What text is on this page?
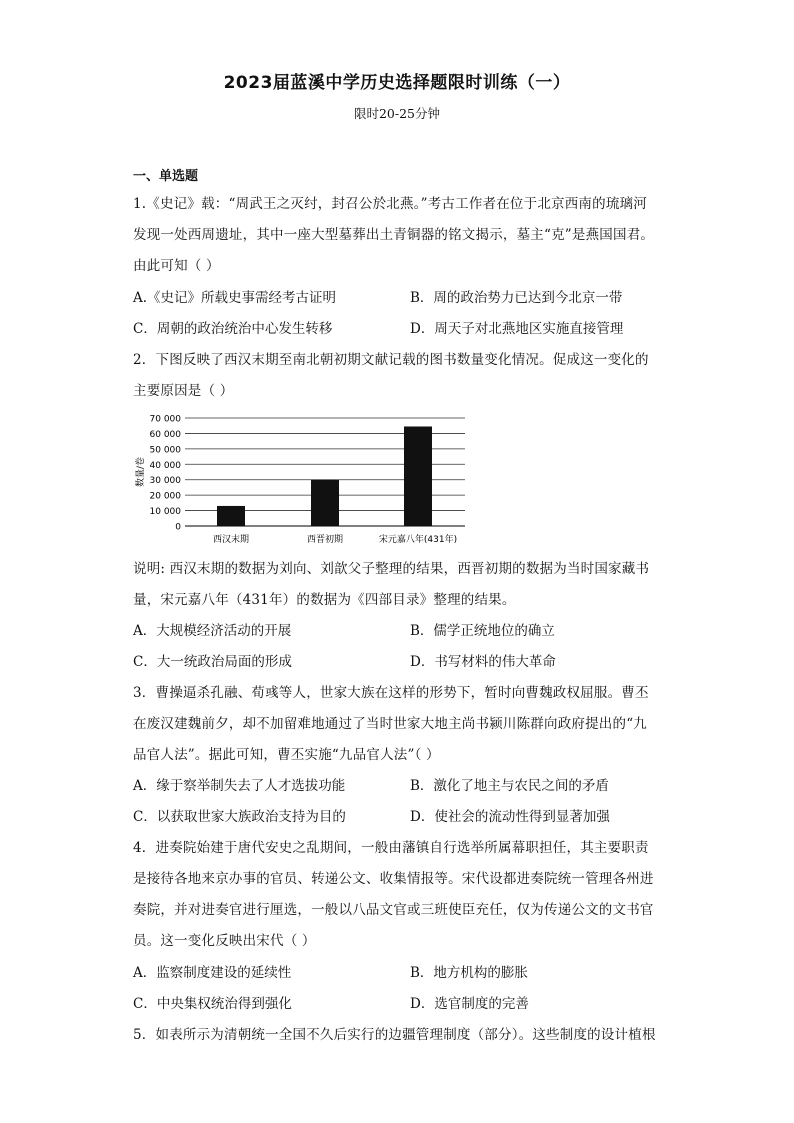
2023届蓝溪中学历史选择题限时训练（一）
限时20-25分钟
一、单选题
1.《史记》载：“周武王之灭纣，封召公於北燕。”考古工作者在位于北京西南的琉璃河
发现一处西周遗址，其中一座大型墓葬出土青铜器的铭文揭示，墓主“克”是燕国国君。
由此可知（ ）
A.《史记》所载史事需经考古证明	B．周的政治势力已达到今北京一带
C．周朝的政治统治中心发生转移	D．周天子对北燕地区实施直接管理
2．下图反映了西汉末期至南北朝初期文献记载的图书数量变化情况。促成这一变化的
主要原因是（ ）
0
10 000
20 000
30 000
40 000
50 000
60 000
70 000
数量/卷
西汉末期	西晋初期	宋元嘉八年(431年)
说明: 西汉末期的数据为刘向、刘歆父子整理的结果，西晋初期的数据为当时国家藏书
量，宋元嘉八年（431年）的数据为《四部目录》整理的结果。
A．大规模经济活动的开展	B．儒学正统地位的确立
C．大一统政治局面的形成	D．书写材料的伟大革命
3．曹操逼杀孔融、荀彧等人，世家大族在这样的形势下，暂时向曹魏政权屈服。曹丕
在废汉建魏前夕，却不加留难地通过了当时世家大地主尚书颍川陈群向政府提出的“九
品官人法”。据此可知，曹丕实施“九品官人法”（ ）
A．缘于察举制失去了人才选拔功能	B．激化了地主与农民之间的矛盾
C．以获取世家大族政治支持为目的	D．使社会的流动性得到显著加强
4．进奏院始建于唐代安史之乱期间，一般由藩镇自行选举所属幕职担任，其主要职责
是接待各地来京办事的官员、转递公文、收集情报等。宋代设都进奏院统一管理各州进
奏院，并对进奏官进行厘选，一般以八品文官或三班使臣充任，仅为传递公文的文书官
员。这一变化反映出宋代（ ）
A．监察制度建设的延续性	B．地方机构的膨胀
C．中央集权统治得到强化	D．选官制度的完善
5．如表所示为清朝统一全国不久后实行的边疆管理制度（部分）。这些制度的设计植根
